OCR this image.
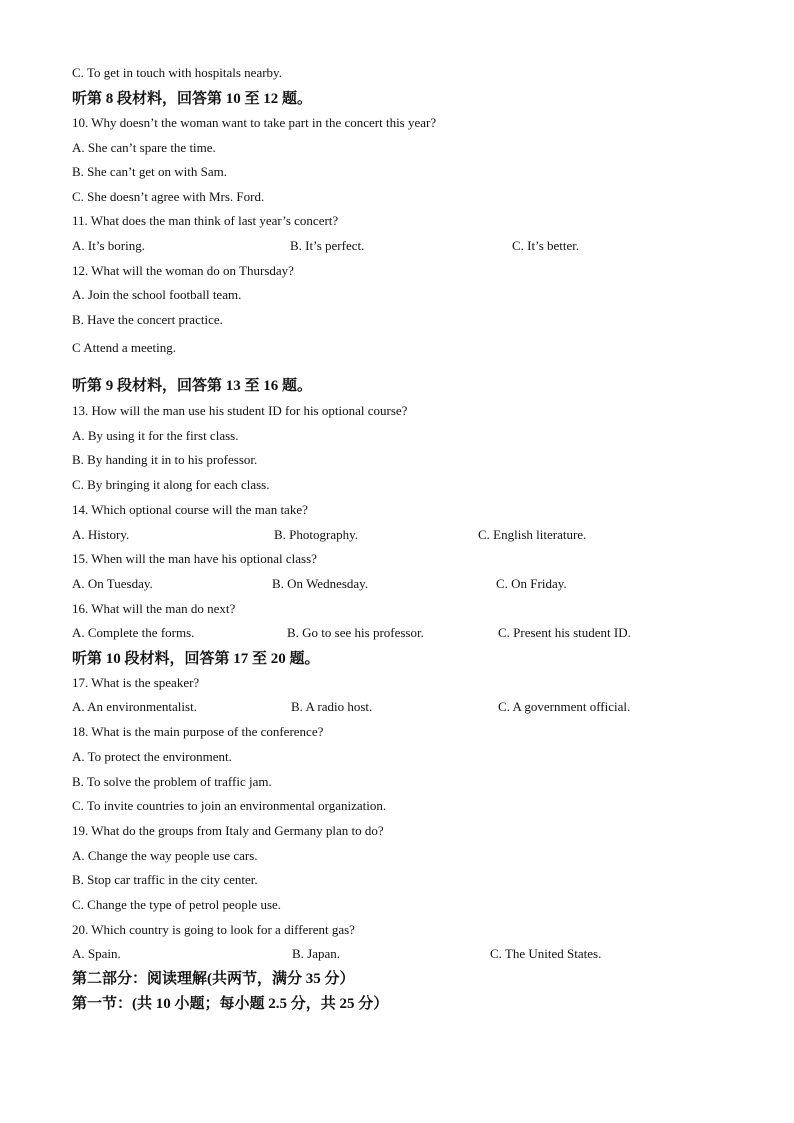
C. To get in touch with hospitals nearby.
听第 8 段材料，回答第 10 至 12 题。
10. Why doesn’t the woman want to take part in the concert this year?
A. She can’t spare the time.
B. She can’t get on with Sam.
C. She doesn’t agree with Mrs. Ford.
11. What does the man think of last year’s concert?
A. It’s boring.	B. It’s perfect.	C. It’s better.
12. What will the woman do on Thursday?
A. Join the school football team.
B. Have the concert practice.
C Attend a meeting.
听第 9 段材料，回答第 13 至 16 题。
13. How will the man use his student ID for his optional course?
A. By using it for the first class.
B. By handing it in to his professor.
C. By bringing it along for each class.
14. Which optional course will the man take?
A. History.	B. Photography.	C. English literature.
15. When will the man have his optional class?
A. On Tuesday.	B. On Wednesday.	C. On Friday.
16. What will the man do next?
A. Complete the forms.	B. Go to see his professor.	C. Present his student ID.
听第 10 段材料，回答第 17 至 20 题。
17. What is the speaker?
A. An environmentalist.	B. A radio host.	C. A government official.
18. What is the main purpose of the conference?
A. To protect the environment.
B. To solve the problem of traffic jam.
C. To invite countries to join an environmental organization.
19. What do the groups from Italy and Germany plan to do?
A. Change the way people use cars.
B. Stop car traffic in the city center.
C. Change the type of petrol people use.
20. Which country is going to look for a different gas?
A. Spain.	B. Japan.	C. The United States.
第二部分：阅读理解(共两节，满分 35 分）
第一节：(共 10 小题；每小题 2.5 分，共 25 分）
